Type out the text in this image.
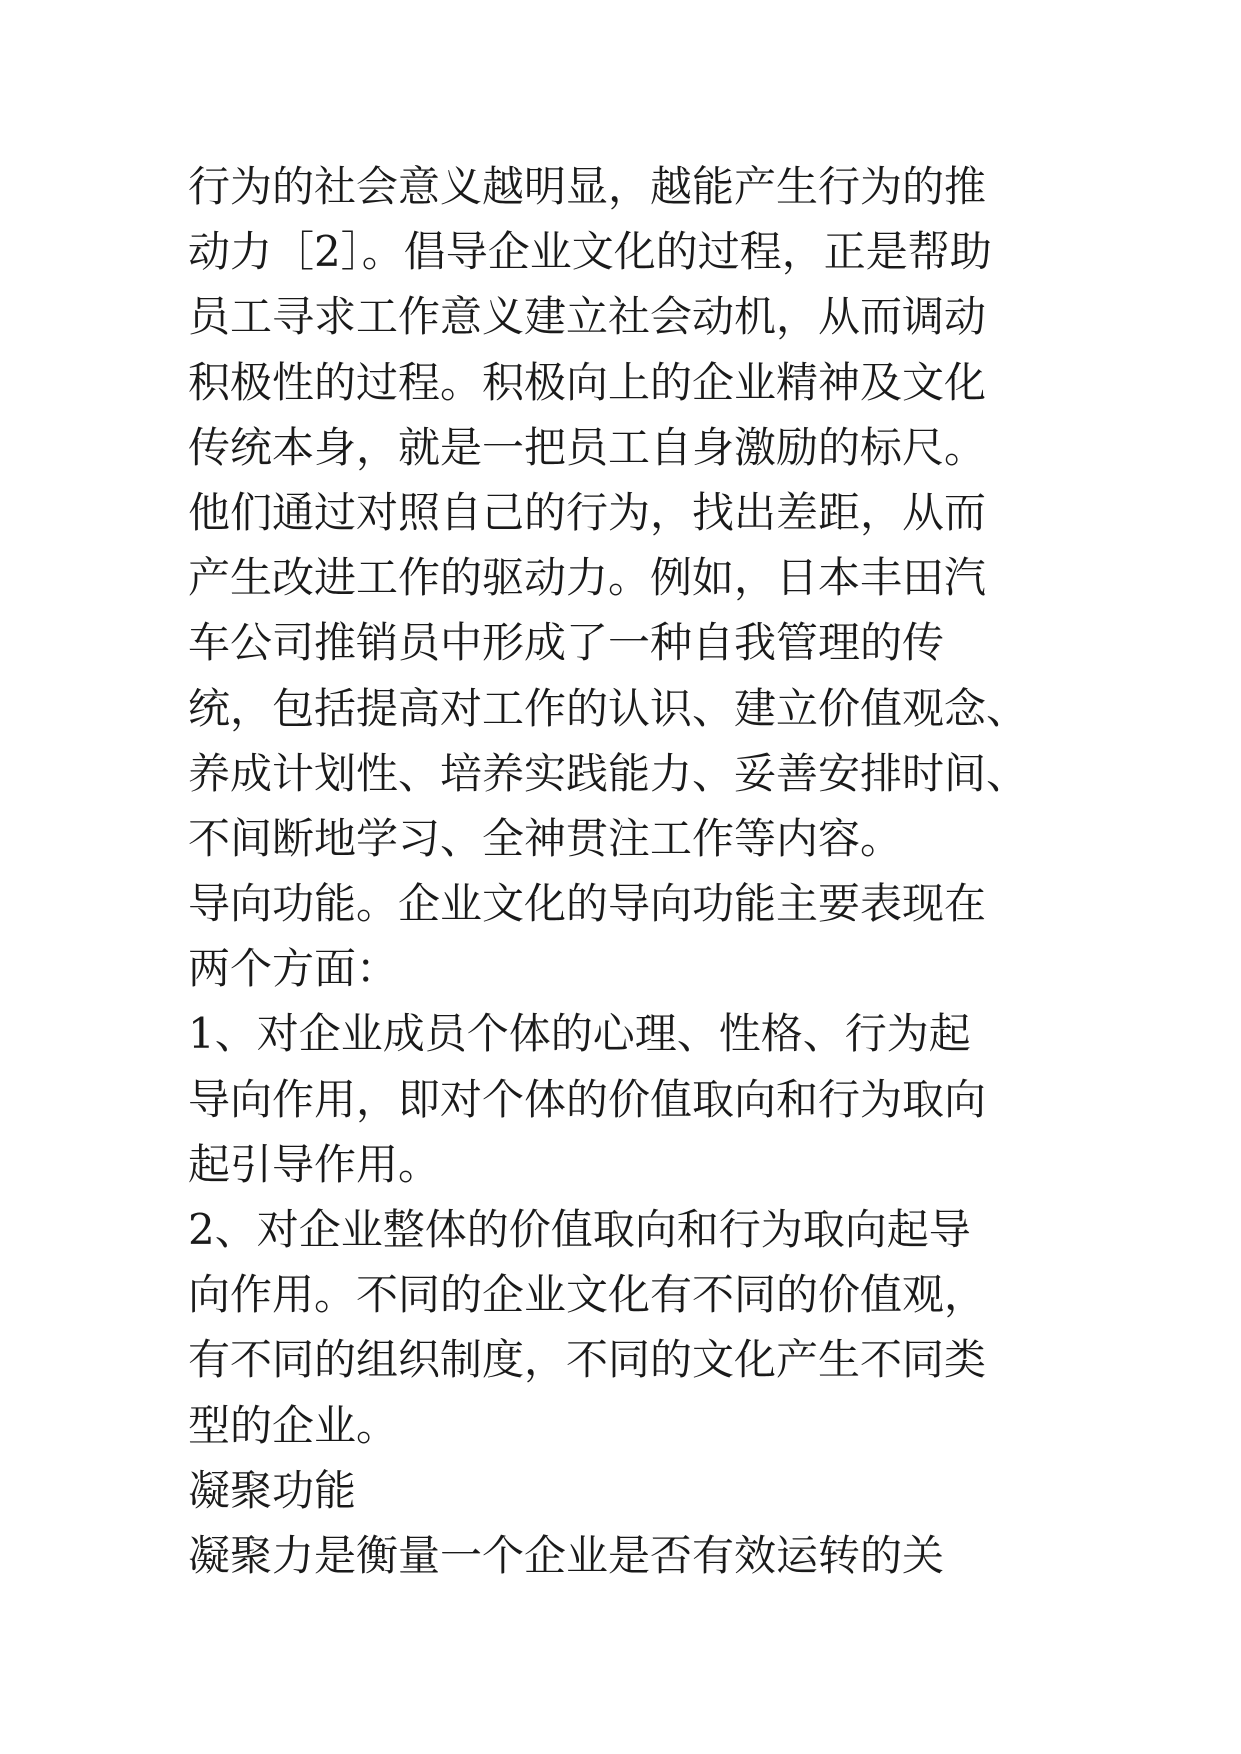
行为的社会意义越明显，越能产生行为的推
动力［2］。倡导企业文化的过程，正是帮助
员工寻求工作意义建立社会动机，从而调动
积极性的过程。积极向上的企业精神及文化
传统本身，就是一把员工自身激励的标尺。
他们通过对照自己的行为，找出差距，从而
产生改进工作的驱动力。例如，日本丰田汽
车公司推销员中形成了一种自我管理的传
统，包括提高对工作的认识、建立价值观念、
养成计划性、培养实践能力、妥善安排时间、
不间断地学习、全神贯注工作等内容。
导向功能。企业文化的导向功能主要表现在
两个方面：
1、对企业成员个体的心理、性格、行为起
导向作用，即对个体的价值取向和行为取向
起引导作用。
2、对企业整体的价值取向和行为取向起导
向作用。不同的企业文化有不同的价值观，
有不同的组织制度，不同的文化产生不同类
型的企业。
凝聚功能
凝聚力是衡量一个企业是否有效运转的关
